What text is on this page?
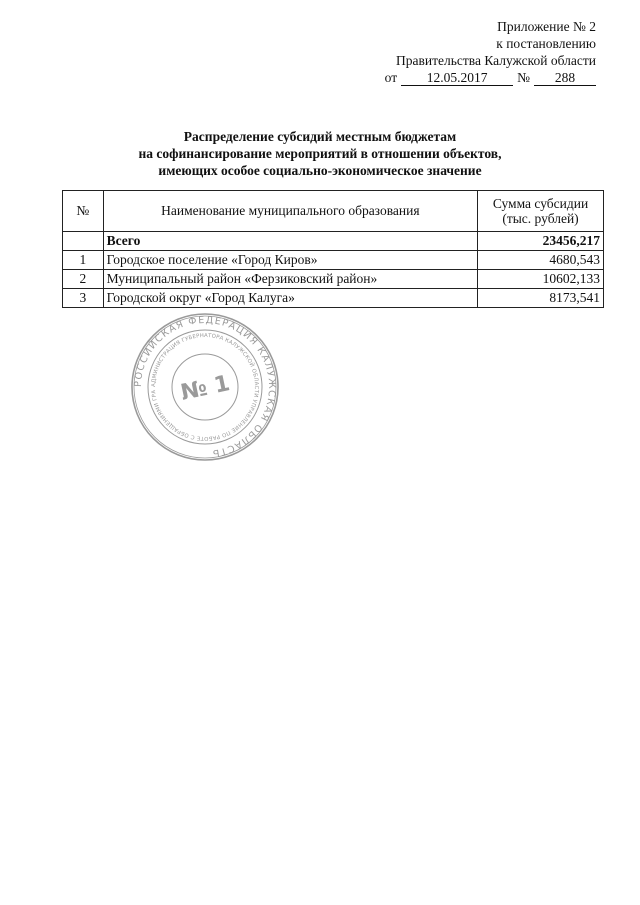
Приложение № 2
к постановлению
Правительства Калужской области
от	12.05.2017	№	288
Распределение субсидий местным бюджетам
на софинансирование мероприятий в отношении объектов,
имеющих особое социально-экономическое значение
№	Наименование муниципального образования	Сумма субсидии
(тыс. рублей)

	Всего	23456,217
1	Городское поселение «Город Киров»	4680,543
2	Муниципальный район «Ферзиковский район»	10602,133
3	Городской округ «Город Калуга»	8173,541
РОССИЙСКАЯ ФЕДЕРАЦИЯ КАЛУЖСКАЯ ОБЛАСТЬ
АДМИНИСТРАЦИЯ ГУБЕРНАТОРА КАЛУЖСКОЙ ОБЛАСТИ УПРАВЛЕНИЕ ПО РАБОТЕ С ОБРАЩЕНИЯМИ ГРА № 1
